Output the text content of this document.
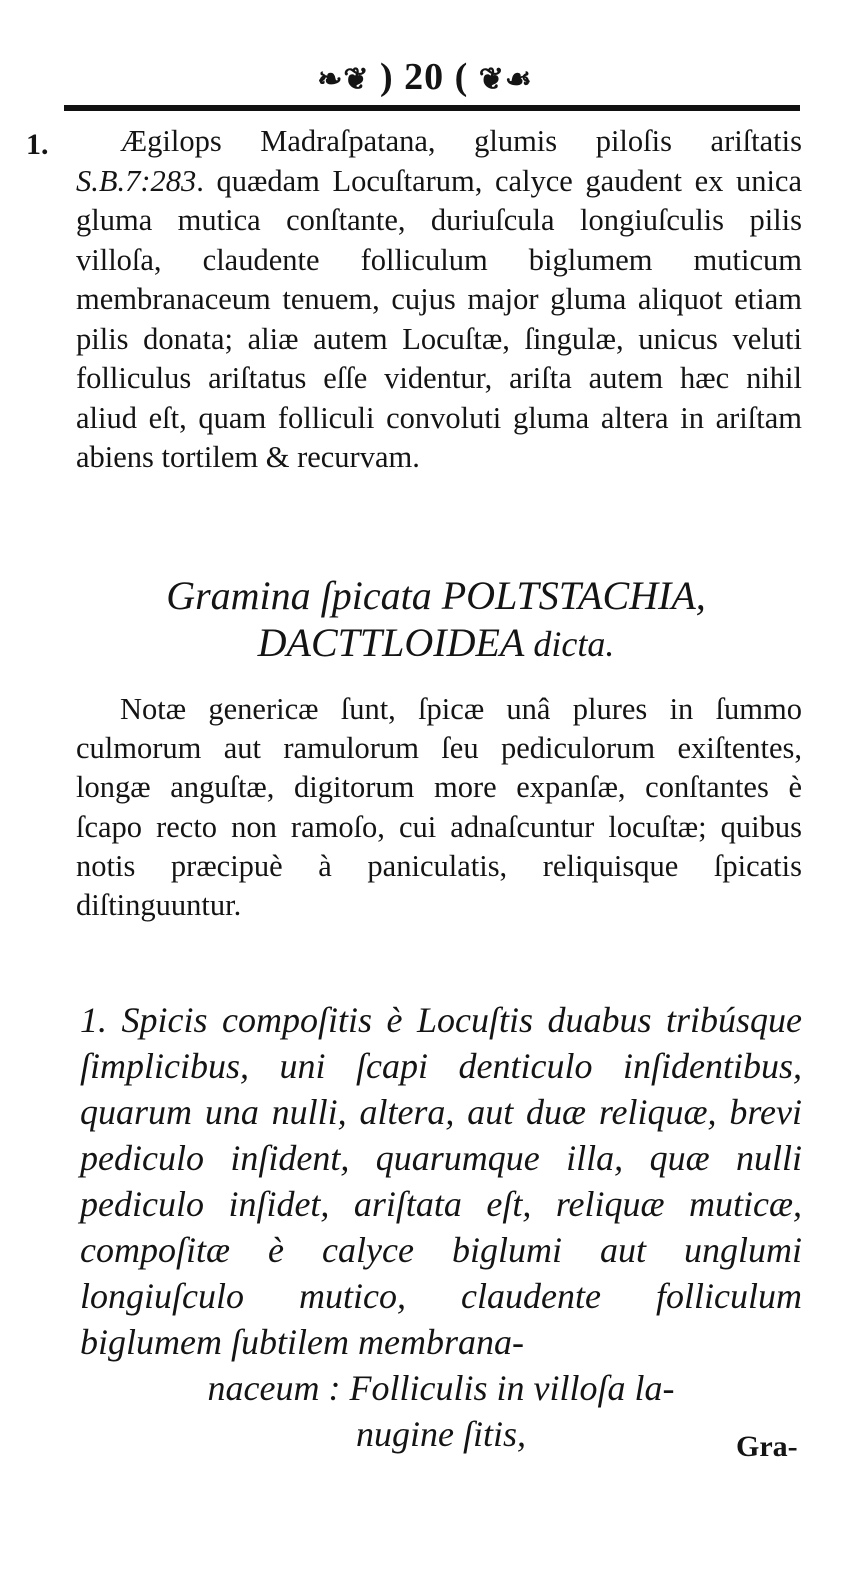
❧❦ ) 20 ( ❦☙
1.	Ægilops Madraſpatana, glumis piloſis ariſtatis S.B.7:283. quædam Locuſtarum, calyce gaudent ex unica gluma mutica conſtante, duriuſcula longiuſculis pilis villoſa, claudente folliculum biglumem muticum membranaceum tenuem, cujus major gluma aliquot etiam pilis donata; aliæ autem Locuſtæ, ſingulæ, unicus veluti folliculus ariſtatus eſſe videntur, ariſta autem hæc nihil aliud eſt, quam folliculi convoluti gluma altera in ariſtam abiens tortilem & recurvam.
Gramina ſpicata POLTSTACHIA,
DACTTLOIDEA dicta.
Notæ genericæ ſunt, ſpicæ unâ plures in ſummo culmorum aut ramulorum ſeu pediculorum exiſtentes, longæ anguſtæ, digitorum more expanſæ, conſtantes è ſcapo recto non ramoſo, cui adnaſcuntur locuſtæ; quibus notis præcipuè à paniculatis, reliquisque ſpicatis diſtinguuntur.
1. Spicis compoſitis è Locuſtis duabus tribúsque ſimplicibus, uni ſcapi denticulo inſidentibus, quarum una nulli, altera, aut duæ reliquæ, brevi pediculo inſident, quarumque illa, quæ nulli pediculo inſidet, ariſtata eſt, reliquæ muticæ, compoſitæ è calyce biglumi aut unglumi longiuſculo mutico, claudente folliculum biglumem ſubtilem membrana-
naceum : Folliculis in villoſa la-
nugine ſitis,	Gra-
